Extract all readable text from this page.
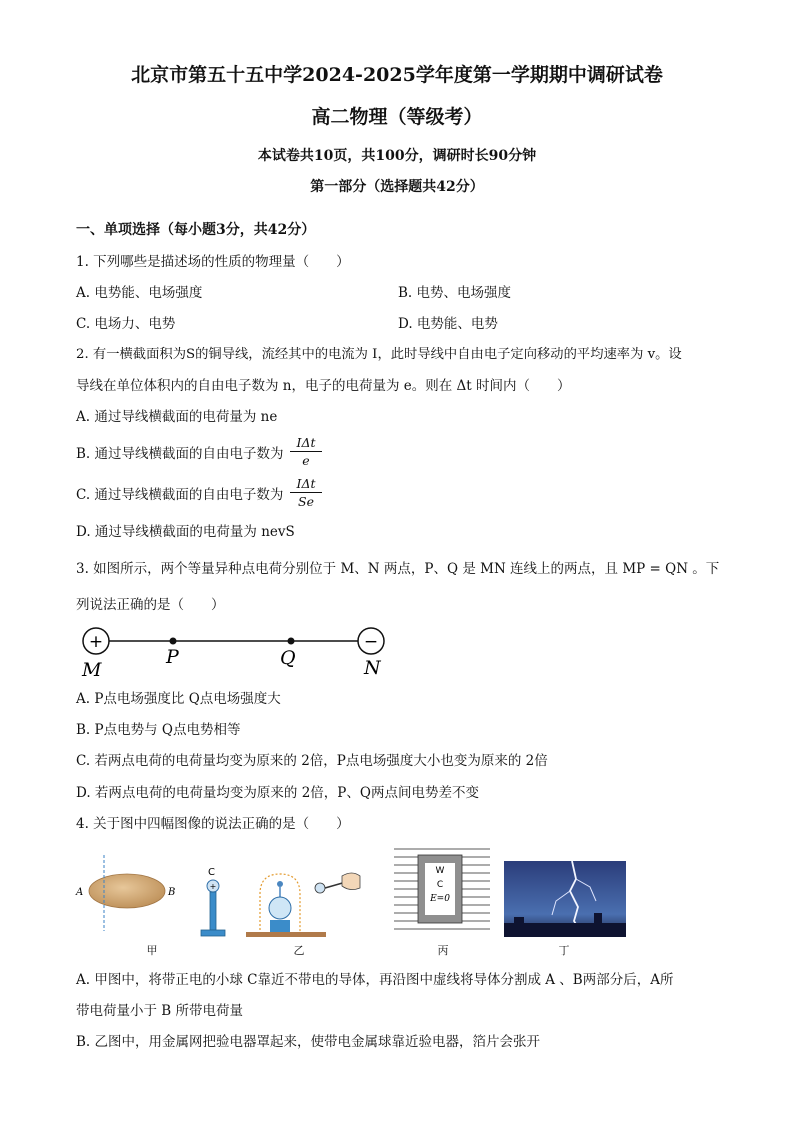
北京市第五十五中学2024-2025学年度第一学期期中调研试卷
高二物理（等级考）
本试卷共10页，共100分，调研时长90分钟
第一部分（选择题共42分）
一、单项选择（每小题3分，共42分）
1. 下列哪些是描述场的性质的物理量（　　）
A. 电势能、电场强度	B. 电势、电场强度
C. 电场力、电势	D. 电势能、电势
2. 有一横截面积为S的铜导线，流经其中的电流为 I，此时导线中自由电子定向移动的平均速率为 v。设
导线在单位体积内的自由电子数为 n，电子的电荷量为 e。则在 Δt 时间内（　　）
A. 通过导线横截面的电荷量为 ne
B. 通过导线横截面的自由电子数为
IΔt
e
C. 通过导线横截面的自由电子数为
IΔt
Se
D. 通过导线横截面的电荷量为 nevS
3. 如图所示，两个等量异种点电荷分别位于 M、N 两点，P、Q 是 MN 连线上的两点，且 MP = QN 。下
列说法正确的是（　　）
+	−
M
P	Q	N
A. P点电场强度比 Q点电场强度大
B. P点电势与 Q点电势相等
C. 若两点电荷的电荷量均变为原来的 2倍，P点电场强度大小也变为原来的 2倍
D. 若两点电荷的电荷量均变为原来的 2倍，P、Q两点间电势差不变
4. 关于图中四幅图像的说法正确的是（　　）
A	B
甲
C
+
乙
W
C
E=0
丙	丁
A. 甲图中，将带正电的小球 C靠近不带电的导体，再沿图中虚线将导体分割成 A 、B两部分后，A所
带电荷量小于 B 所带电荷量
B. 乙图中，用金属网把验电器罩起来，使带电金属球靠近验电器，箔片会张开
